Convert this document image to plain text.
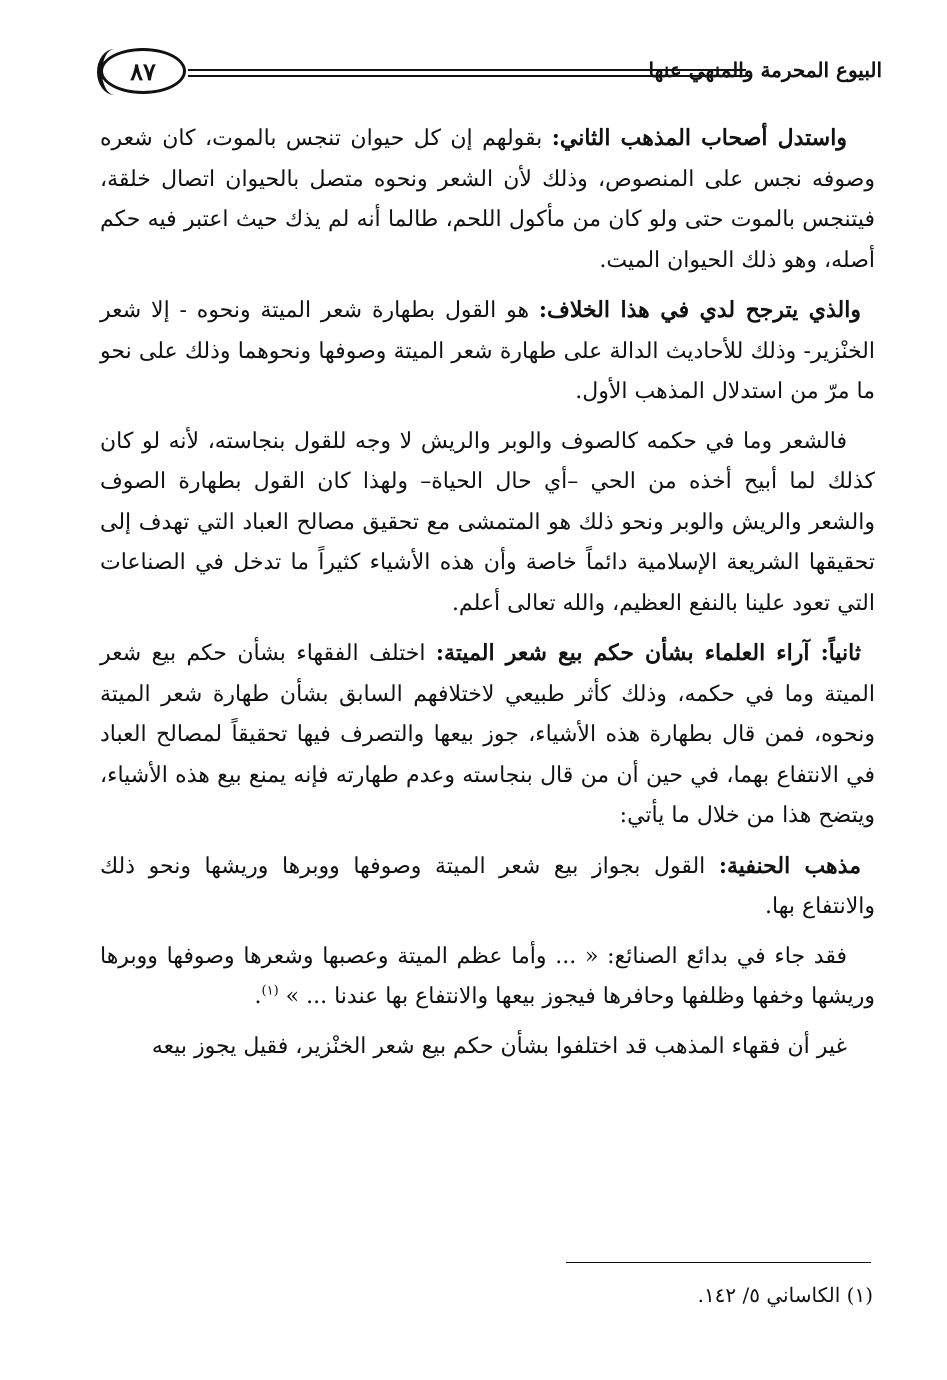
٨٧	البيوع المحرمة والمنهي عنها

واستدل أصحاب المذهب الثاني: بقولهم إن كل حيوان تنجس بالموت، كان شعره وصوفه نجس على المنصوص، وذلك لأن الشعر ونحوه متصل بالحيوان اتصال خلقة، فيتنجس بالموت حتى ولو كان من مأكول اللحم، طالما أنه لم يذك حيث اعتبر فيه حكم أصله، وهو ذلك الحيوان الميت.

والذي يترجح لدي في هذا الخلاف: هو القول بطهارة شعر الميتة ونحوه - إلا شعر الخنْزير- وذلك للأحاديث الدالة على طهارة شعر الميتة وصوفها ونحوهما وذلك على نحو ما مرّ من استدلال المذهب الأول.

فالشعر وما في حكمه كالصوف والوبر والريش لا وجه للقول بنجاسته، لأنه لو كان كذلك لما أبيح أخذه من الحي –أي حال الحياة– ولهذا كان القول بطهارة الصوف والشعر والريش والوبر ونحو ذلك هو المتمشى مع تحقيق مصالح العباد التي تهدف إلى تحقيقها الشريعة الإسلامية دائماً خاصة وأن هذه الأشياء كثيراً ما تدخل في الصناعات التي تعود علينا بالنفع العظيم، والله تعالى أعلم.

ثانياً: آراء العلماء بشأن حكم بيع شعر الميتة: اختلف الفقهاء بشأن حكم بيع شعر الميتة وما في حكمه، وذلك كأثر طبيعي لاختلافهم السابق بشأن طهارة شعر الميتة ونحوه، فمن قال بطهارة هذه الأشياء، جوز بيعها والتصرف فيها تحقيقاً لمصالح العباد في الانتفاع بهما، في حين أن من قال بنجاسته وعدم طهارته فإنه يمنع بيع هذه الأشياء، ويتضح هذا من خلال ما يأتي:

مذهب الحنفية: القول بجواز بيع شعر الميتة وصوفها ووبرها وريشها ونحو ذلك والانتفاع بها.

فقد جاء في بدائع الصنائع: « ... وأما عظم الميتة وعصبها وشعرها وصوفها ووبرها وريشها وخفها وظلفها وحافرها فيجوز بيعها والانتفاع بها عندنا ... » $^{(١)}$.

غير أن فقهاء المذهب قد اختلفوا بشأن حكم بيع شعر الخنْزير، فقيل يجوز بيعه

(١) الكاساني ٥/ ١٤٢.
